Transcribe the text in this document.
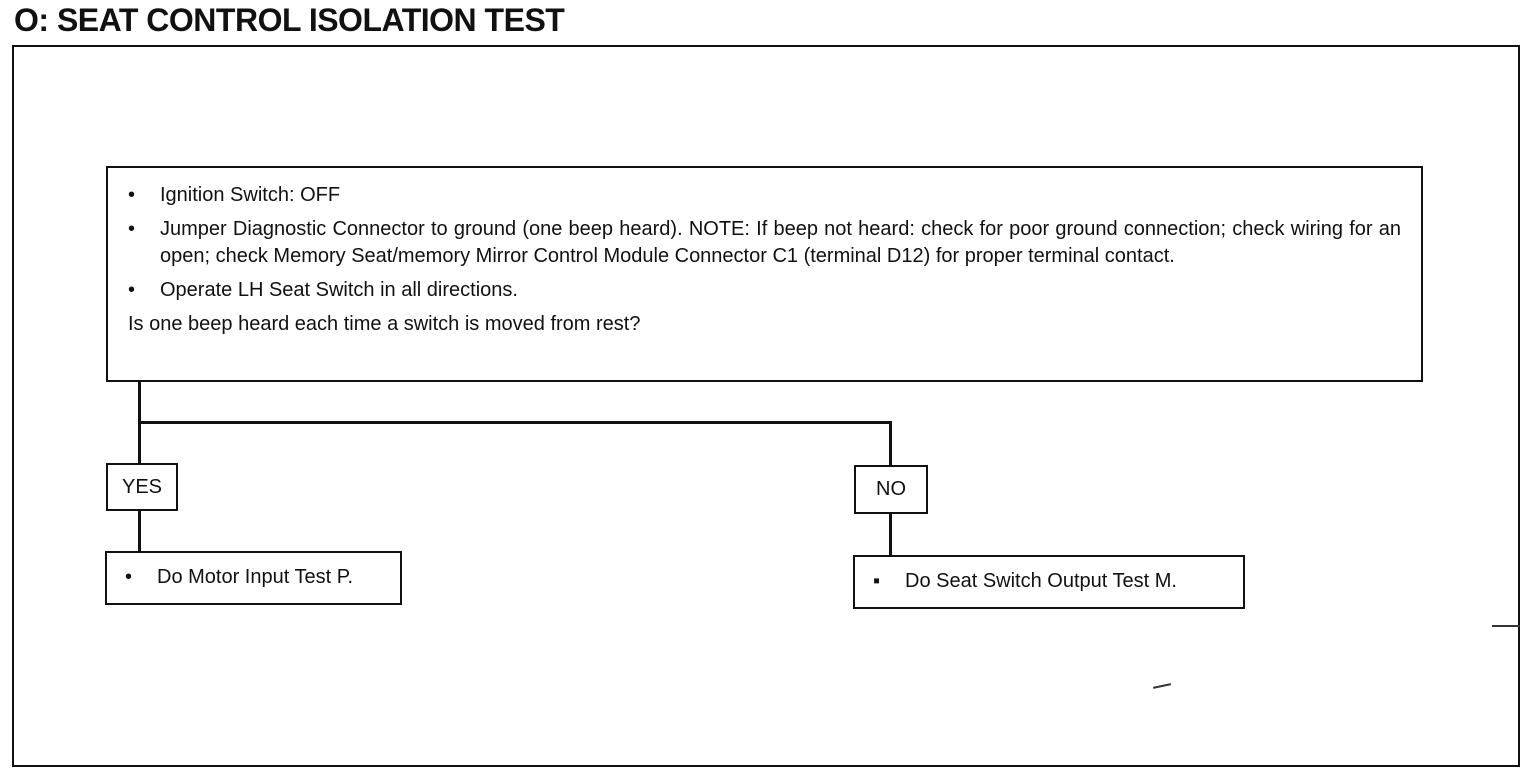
O: SEAT CONTROL ISOLATION TEST
•	Ignition Switch: OFF
•	Jumper Diagnostic Connector to ground (one beep heard). NOTE: If beep not heard: check for poor ground connection; check wiring for an open; check Memory Seat/memory Mirror Control Module Connector C1 (terminal D12) for proper terminal contact.
•	Operate LH Seat Switch in all directions.
Is one beep heard each time a switch is moved from rest?
YES	NO
•	Do Motor Input Test P.	▪	Do Seat Switch Output Test M.
